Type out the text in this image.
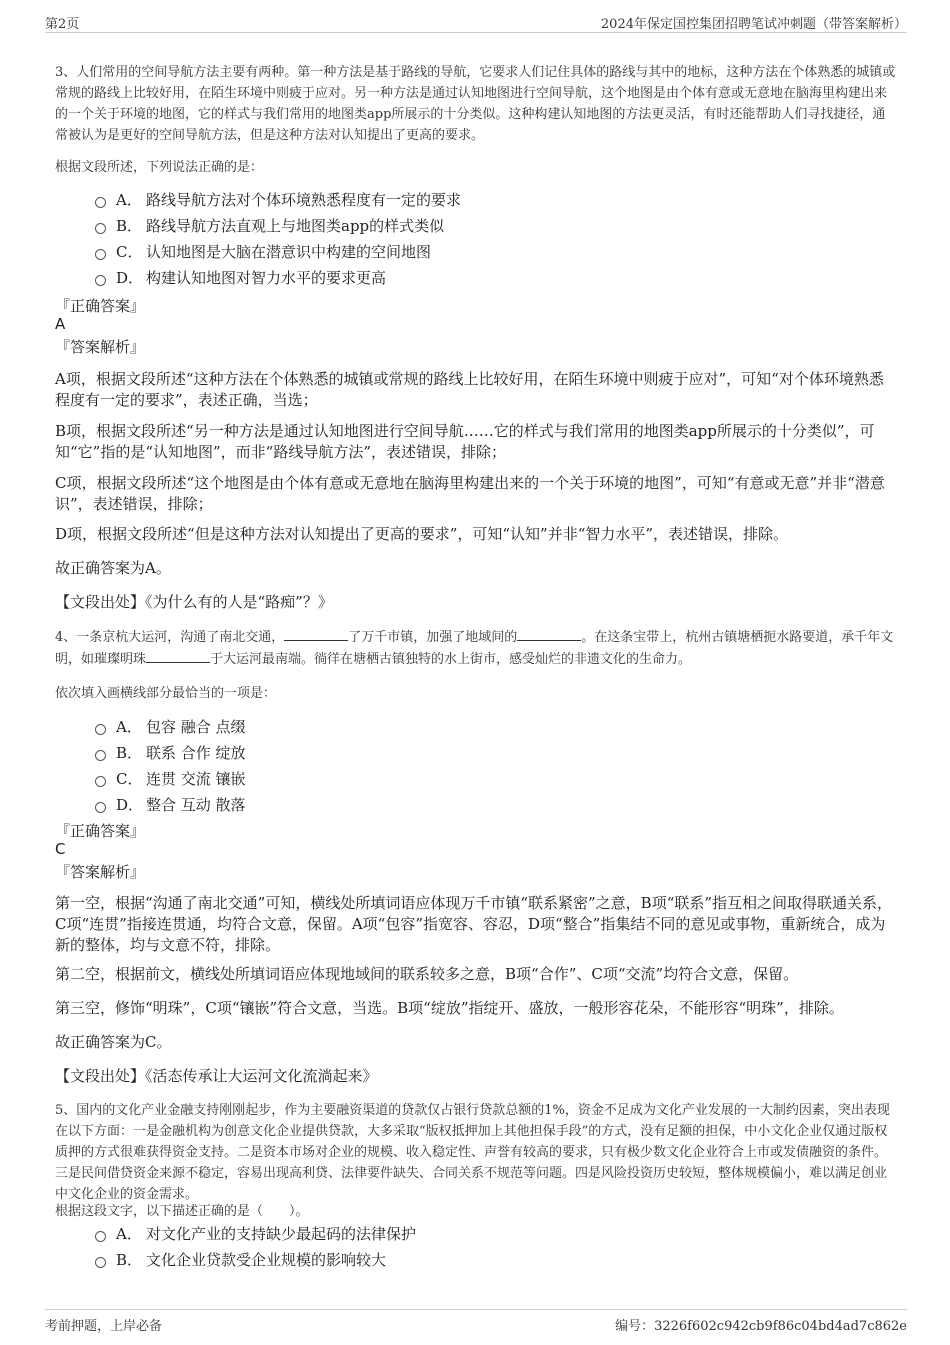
第2页	2024年保定国控集团招聘笔试冲刺题（带答案解析）
3、人们常用的空间导航方法主要有两种。第一种方法是基于路线的导航，它要求人们记住具体的路线与其中的地标，这种方法在个体熟悉的城镇或常规的路线上比较好用，在陌生环境中则疲于应对。另一种方法是通过认知地图进行空间导航，这个地图是由个体有意或无意地在脑海里构建出来的一个关于环境的地图，它的样式与我们常用的地图类app所展示的十分类似。这种构建认知地图的方法更灵活，有时还能帮助人们寻找捷径，通常被认为是更好的空间导航方法，但是这种方法对认知提出了更高的要求。
根据文段所述，下列说法正确的是：
A． 路线导航方法对个体环境熟悉程度有一定的要求
B． 路线导航方法直观上与地图类app的样式类似
C． 认知地图是大脑在潜意识中构建的空间地图
D． 构建认知地图对智力水平的要求更高
『正确答案』
A
『答案解析』
A项，根据文段所述“这种方法在个体熟悉的城镇或常规的路线上比较好用，在陌生环境中则疲于应对”，可知“对个体环境熟悉程度有一定的要求”，表述正确，当选；
B项，根据文段所述“另一种方法是通过认知地图进行空间导航……它的样式与我们常用的地图类app所展示的十分类似”，可知“它”指的是“认知地图”，而非“路线导航方法”，表述错误，排除；
C项，根据文段所述“这个地图是由个体有意或无意地在脑海里构建出来的一个关于环境的地图”，可知“有意或无意”并非“潜意识”，表述错误，排除；
D项，根据文段所述“但是这种方法对认知提出了更高的要求”，可知“认知”并非“智力水平”，表述错误，排除。
故正确答案为A。
【文段出处】《为什么有的人是“路痴”？》
4、一条京杭大运河，沟通了南北交通，	了万千市镇，加强了地域间的	。在这条宝带上，杭州古镇塘栖扼水路要道，承千年文明，如璀璨明珠	于大运河最南端。徜徉在塘栖古镇独特的水上街市，感受灿烂的非遗文化的生命力。
依次填入画横线部分最恰当的一项是：
A． 包容 融合 点缀
B． 联系 合作 绽放
C． 连贯 交流 镶嵌
D． 整合 互动 散落
『正确答案』
C
『答案解析』
第一空，根据“沟通了南北交通”可知，横线处所填词语应体现万千市镇“联系紧密”之意，B项“联系”指互相之间取得联通关系，C项“连贯”指接连贯通，均符合文意，保留。A项“包容”指宽容、容忍，D项“整合”指集结不同的意见或事物，重新统合，成为新的整体，均与文意不符，排除。
第二空，根据前文，横线处所填词语应体现地域间的联系较多之意，B项“合作”、C项“交流”均符合文意，保留。
第三空，修饰“明珠”，C项“镶嵌”符合文意，当选。B项“绽放”指绽开、盛放，一般形容花朵，不能形容“明珠”，排除。
故正确答案为C。
【文段出处】《活态传承让大运河文化流淌起来》
5、国内的文化产业金融支持刚刚起步，作为主要融资渠道的贷款仅占银行贷款总额的1%，资金不足成为文化产业发展的一大制约因素，突出表现在以下方面：一是金融机构为创意文化企业提供贷款，大多采取“版权抵押加上其他担保手段”的方式，没有足额的担保，中小文化企业仅通过版权质押的方式很难获得资金支持。二是资本市场对企业的规模、收入稳定性、声誉有较高的要求，只有极少数文化企业符合上市或发债融资的条件。三是民间借贷资金来源不稳定，容易出现高利贷、法律要件缺失、合同关系不规范等问题。四是风险投资历史较短，整体规模偏小，难以满足创业中文化企业的资金需求。
根据这段文字，以下描述正确的是（　　）。
A． 对文化产业的支持缺少最起码的法律保护
B． 文化企业贷款受企业规模的影响较大
考前押题，上岸必备	编号：3226f602c942cb9f86c04bd4ad7c862e
